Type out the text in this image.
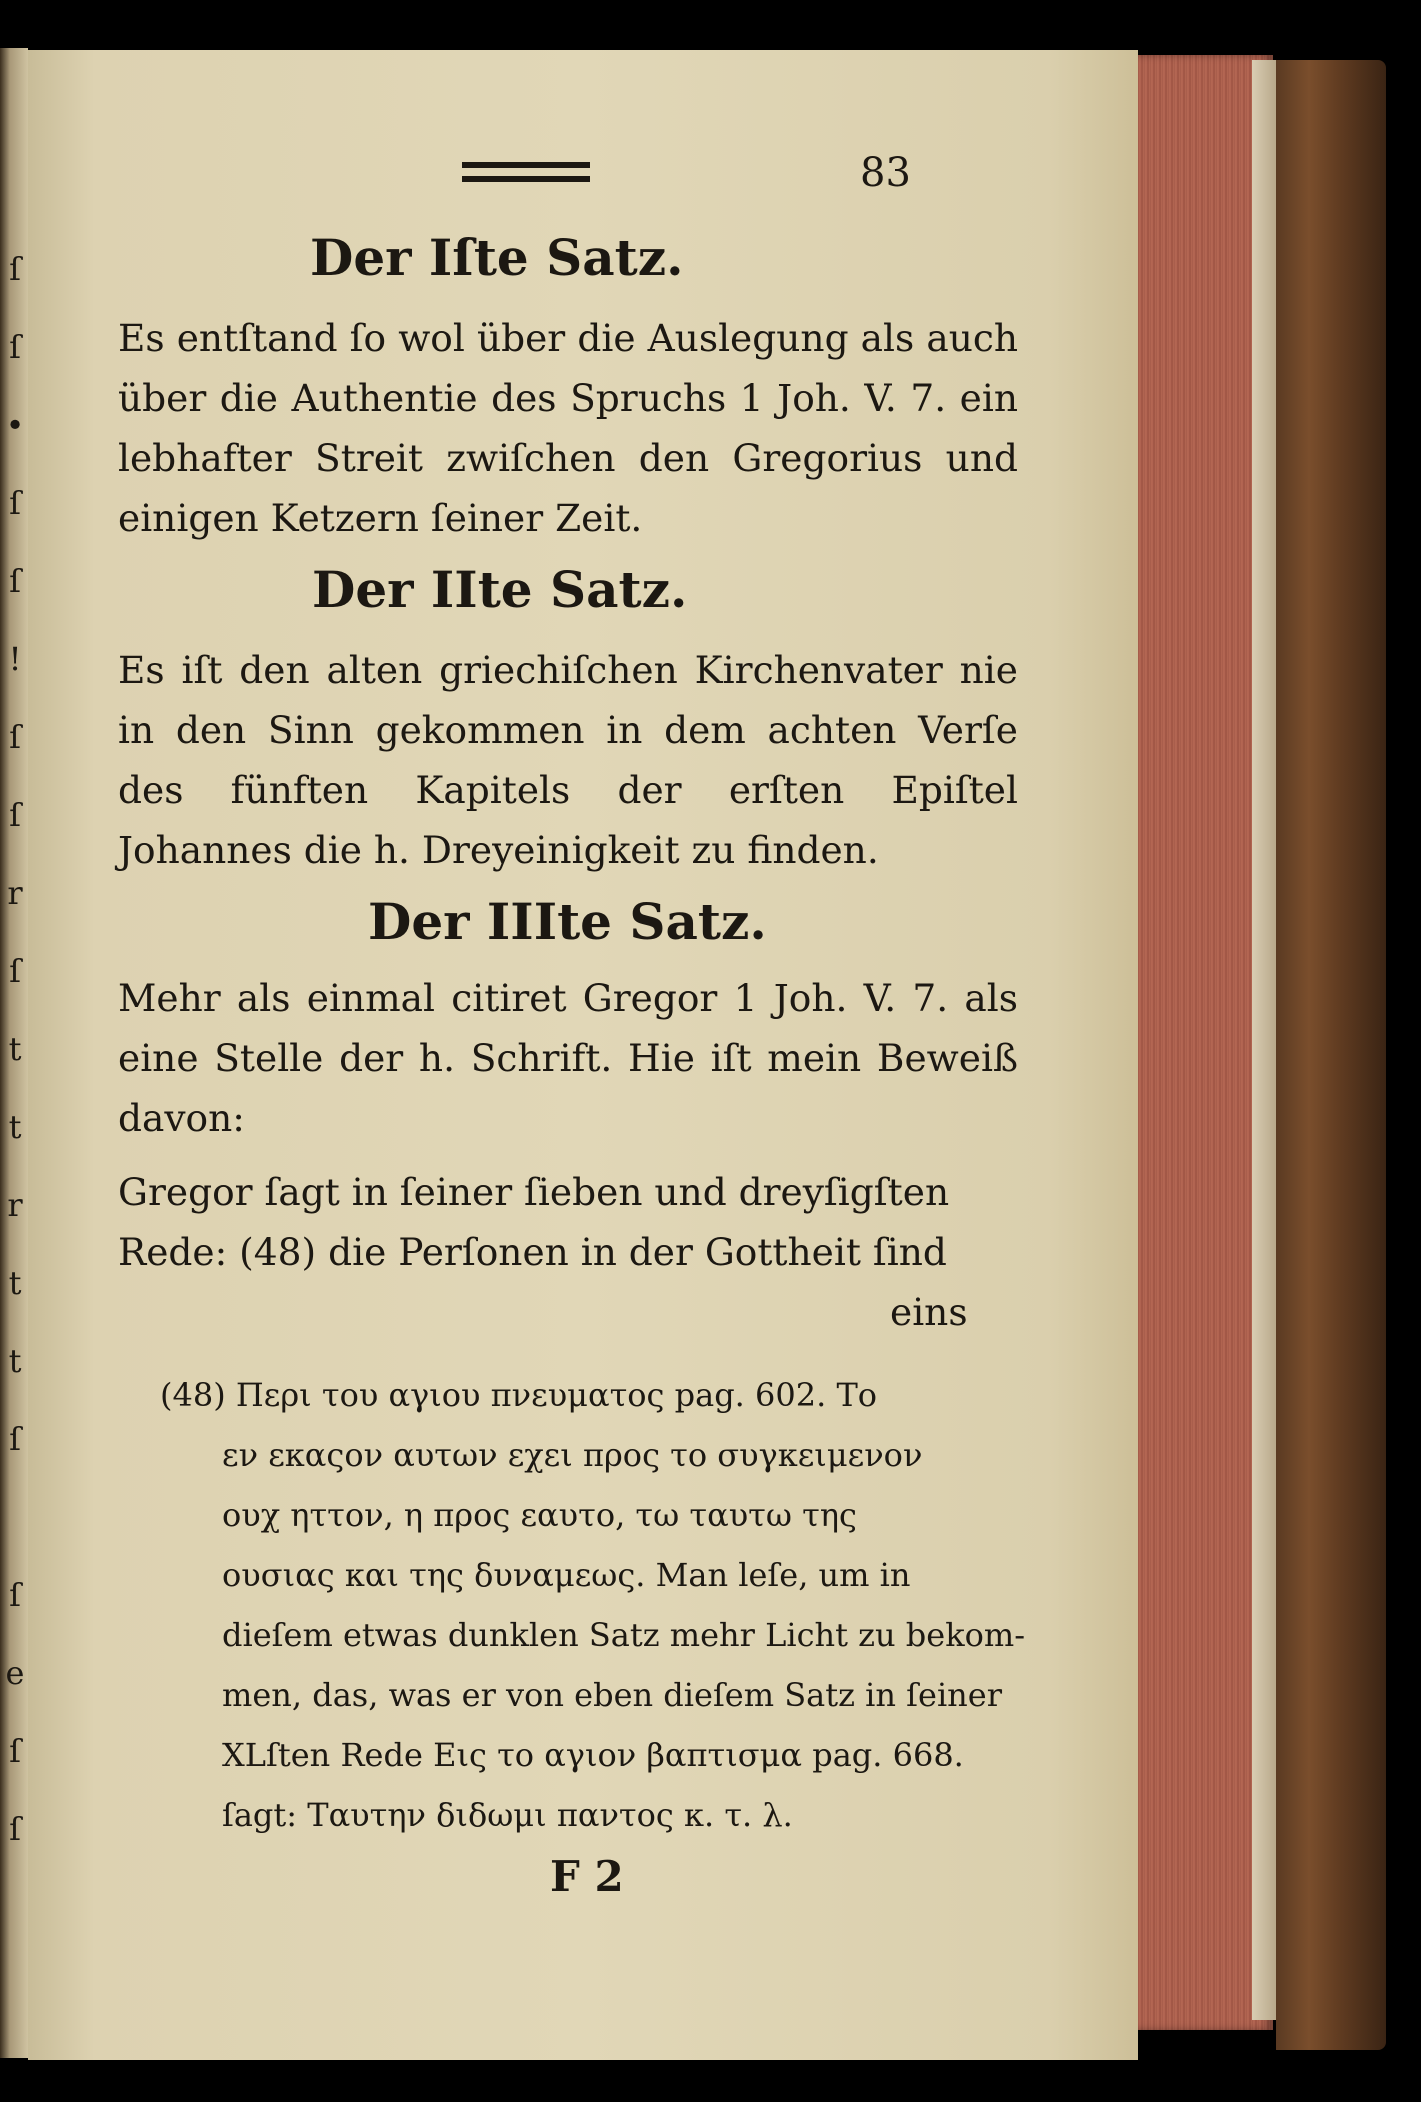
ſ
ſ
•
ſ
ſ
!
ſ
ſ
r
ſ
t
t
r
t
t
ſ
ſ
e
ſ
ſ
83
Der Iſte Satz.

Es entſtand ſo wol über die Auslegung als auch über die Authentie des Spruchs 1 Joh. V. 7. ein lebhafter Streit zwiſchen den Gregorius und einigen Ketzern ſeiner Zeit.

Der IIte Satz.

Es iſt den alten griechiſchen Kirchenvater nie in den Sinn gekommen in dem achten Verſe des fünften Kapitels der erſten Epiſtel Johannes die h. Dreyeinigkeit zu finden.

Der IIIte Satz.

Mehr als einmal citiret Gregor 1 Joh. V. 7. als eine Stelle der h. Schrift. Hie iſt mein Beweiß davon:

Gregor ſagt in ſeiner ſieben und dreyſigſten
Rede: (48) die Perſonen in der Gottheit ſind
eins
(48) Περι του αγιου πνευματος pag. 602. Το
εν εκαςον αυτων εχει προς το συγκειμενον
ουχ ηττον, η προς εαυτο, τω ταυτω της
ουσιας και της δυναμεως. Man leſe, um in
dieſem etwas dunklen Satz mehr Licht zu bekom-
men, das, was er von eben dieſem Satz in ſeiner
XLſten Rede Εις το αγιον βαπτισμα pag. 668.
ſagt: Ταυτην διδωμι παντος κ. τ. λ.
F 2
